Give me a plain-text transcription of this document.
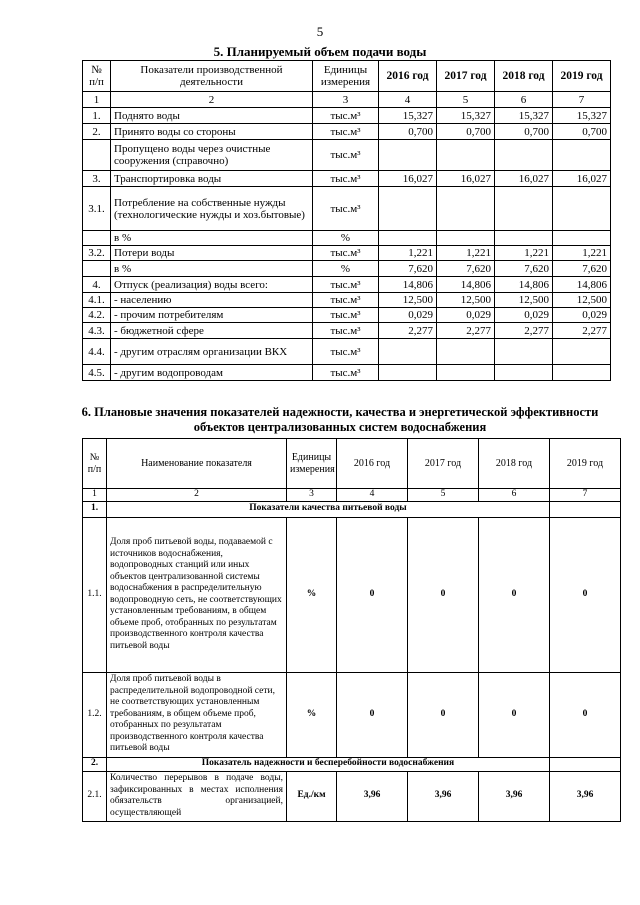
5
5. Планируемый объем подачи воды
№ п/п	Показатели производственной деятельности	Единицы измерения	2016 год	2017 год	2018 год	2019 год
1	2	3	4	5	6	7
1.	Поднято воды	тыс.м³	15,327	15,327	15,327	15,327
2.	Принято воды со стороны	тыс.м³	0,700	0,700	0,700	0,700
	Пропущено воды через очистные сооружения (справочно)	тыс.м³				
3.	Транспортировка воды	тыс.м³	16,027	16,027	16,027	16,027
3.1.	Потребление на собственные нужды (технологические нужды и хоз.бытовые)	тыс.м³				
	в %	%				
3.2.	Потери воды	тыс.м³	1,221	1,221	1,221	1,221
	в %	%	7,620	7,620	7,620	7,620
4.	Отпуск (реализация) воды всего:	тыс.м³	14,806	14,806	14,806	14,806
4.1.	- населению	тыс.м³	12,500	12,500	12,500	12,500
4.2.	- прочим потребителям	тыс.м³	0,029	0,029	0,029	0,029
4.3.	- бюджетной сфере	тыс.м³	2,277	2,277	2,277	2,277
4.4.	- другим отраслям организации ВКХ	тыс.м³				
4.5.	- другим водопроводам	тыс.м³				
6. Плановые значения показателей надежности, качества и энергетической эффективности объектов централизованных систем водоснабжения
№ п/п	Наименование показателя	Единицы измерения	2016 год	2017 год	2018 год	2019 год
1	2	3	4	5	6	7
1.	Показатели качества питьевой воды					
1.1.	Доля проб питьевой воды, подаваемой с источников водоснабжения, водопроводных станций или иных объектов централизованной системы водоснабжения в распределительную водопроводную сеть, не соответствующих установленным требованиям, в общем объеме проб, отобранных по результатам производственного контроля качества питьевой воды	%	0	0	0	0
1.2.	Доля проб питьевой воды в распределительной водопроводной сети, не соответствующих установленным требованиям, в общем объеме проб, отобранных по результатам производственного контроля качества питьевой воды	%	0	0	0	0
2.	Показатель надежности и бесперебойности водоснабжения					
2.1.	Количество перерывов в подаче воды, зафиксированных в местах исполнения обязательств организацией, осуществляющей	Ед./км	3,96	3,96	3,96	3,96
